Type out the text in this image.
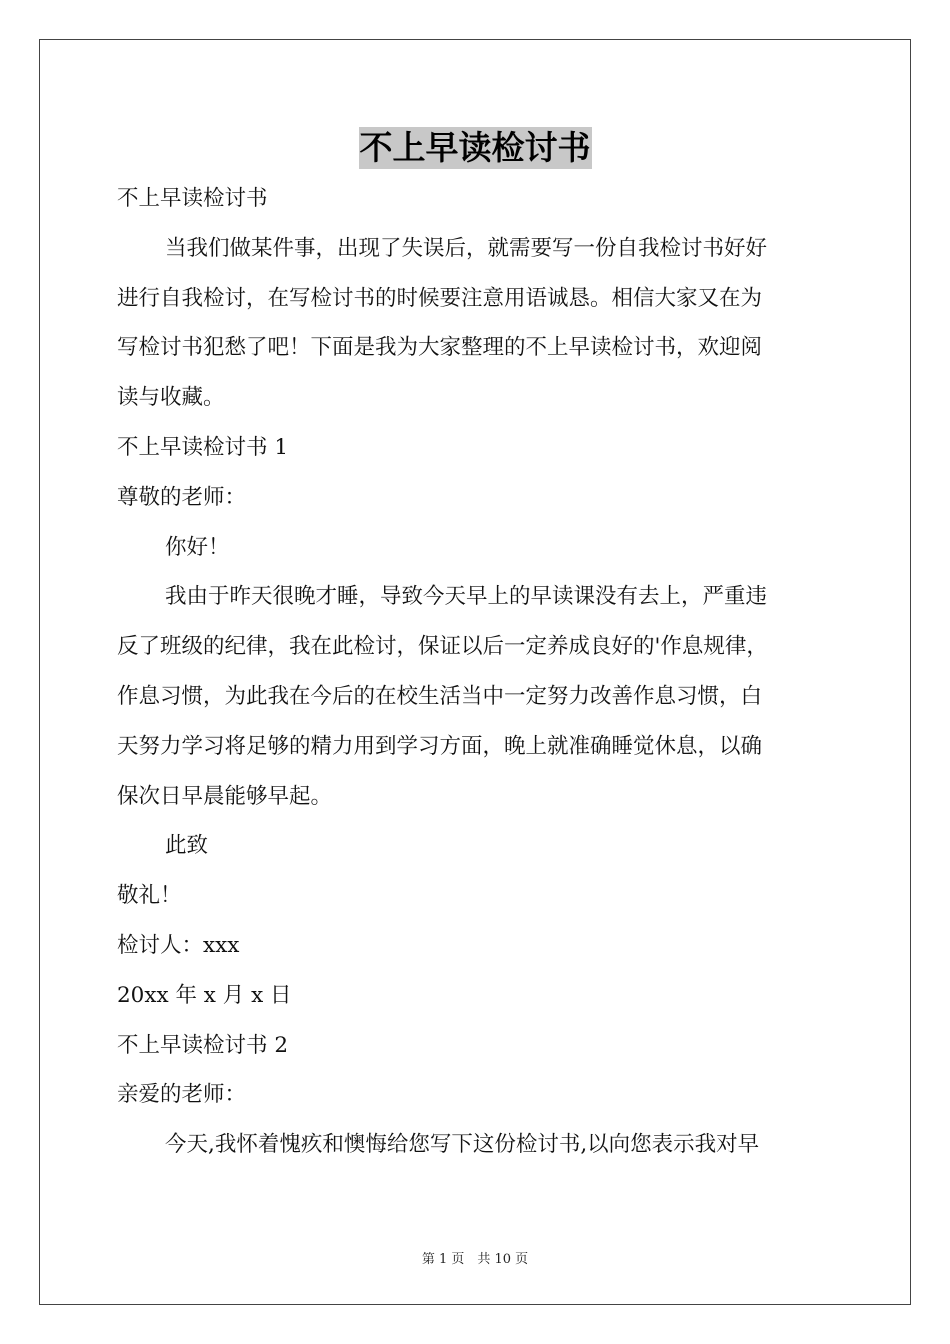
不上早读检讨书
不上早读检讨书
当我们做某件事，出现了失误后，就需要写一份自我检讨书好好
进行自我检讨，在写检讨书的时候要注意用语诚恳。相信大家又在为
写检讨书犯愁了吧！下面是我为大家整理的不上早读检讨书，欢迎阅
读与收藏。
不上早读检讨书 1
尊敬的老师：
你好！
我由于昨天很晚才睡，导致今天早上的早读课没有去上，严重违
反了班级的纪律，我在此检讨，保证以后一定养成良好的'作息规律，
作息习惯，为此我在今后的在校生活当中一定努力改善作息习惯，白
天努力学习将足够的精力用到学习方面，晚上就准确睡觉休息，以确
保次日早晨能够早起。
此致
敬礼！
检讨人：xxx
20xx 年 x 月 x 日
不上早读检讨书 2
亲爱的老师：
今天,我怀着愧疚和懊悔给您写下这份检讨书,以向您表示我对早
第 1 页　共 10 页
